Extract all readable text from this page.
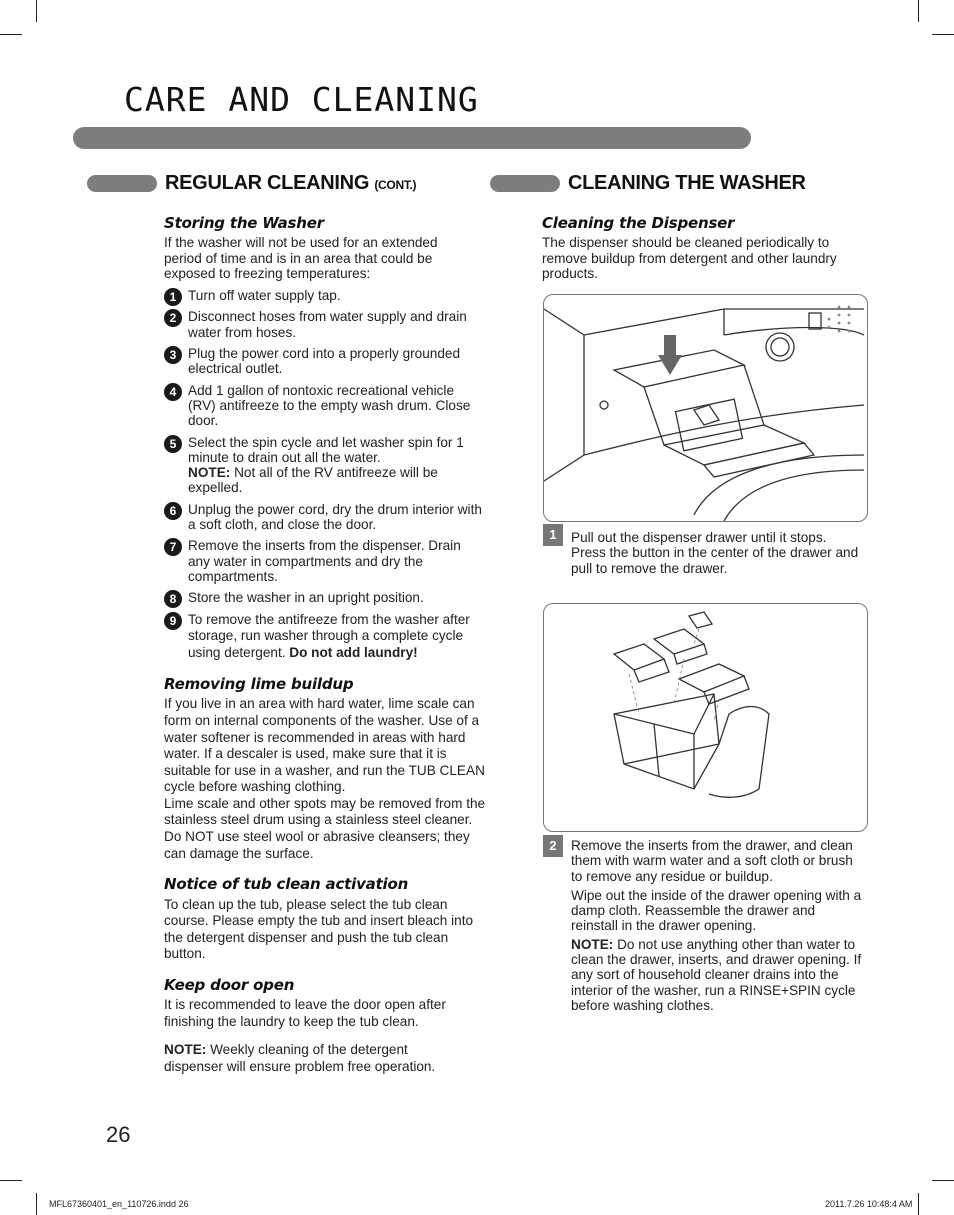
CARE AND CLEANING
REGULAR CLEANING (CONT.)	CLEANING THE WASHER
Storing the Washer

If the washer will not be used for an extended period of time and is in an area that could be exposed to freezing temperatures:

1 Turn off water supply tap.

2 Disconnect hoses from water supply and drain water from hoses.

3 Plug the power cord into a properly grounded electrical outlet.

4 Add 1 gallon of nontoxic recreational vehicle (RV) antifreeze to the empty wash drum. Close door.

5 Select the spin cycle and let washer spin for 1 minute to drain out all the water.
NOTE: Not all of the RV antifreeze will be expelled.

6 Unplug the power cord, dry the drum interior with a soft cloth, and close the door.

7 Remove the inserts from the dispenser. Drain any water in compartments and dry the compartments.

8 Store the washer in an upright position.

9 To remove the antifreeze from the washer after storage, run washer through a complete cycle using detergent. Do not add laundry!

Removing lime buildup

If you live in an area with hard water, lime scale can form on internal components of the washer. Use of a water softener is recommended in areas with hard water. If a descaler is used, make sure that it is suitable for use in a washer, and run the TUB CLEAN cycle before washing clothing.

Lime scale and other spots may be removed from the stainless steel drum using a stainless steel cleaner. Do NOT use steel wool or abrasive cleansers; they can damage the surface.

Notice of tub clean activation

To clean up the tub, please select the tub clean course. Please empty the tub and insert bleach into the detergent dispenser and push the tub clean button.

Keep door open

It is recommended to leave the door open after finishing the laundry to keep the tub clean.

NOTE: Weekly cleaning of the detergent dispenser will ensure problem free operation.

Cleaning the Dispenser

The dispenser should be cleaned periodically to remove buildup from detergent and other laundry products.

1	Pull out the dispenser drawer until it stops. Press the button in the center of the drawer and pull to remove the drawer.

2	Remove the inserts from the drawer, and clean them with warm water and a soft cloth or brush to remove any residue or buildup.

Wipe out the inside of the drawer opening with a damp cloth. Reassemble the drawer and reinstall in the drawer opening.

NOTE: Do not use anything other than water to clean the drawer, inserts, and drawer opening. If any sort of household cleaner drains into the interior of the washer, run a RINSE+SPIN cycle before washing clothes.

26
MFL67360401_en_110726.indd 26	2011.7.26 10:48:4 AM
